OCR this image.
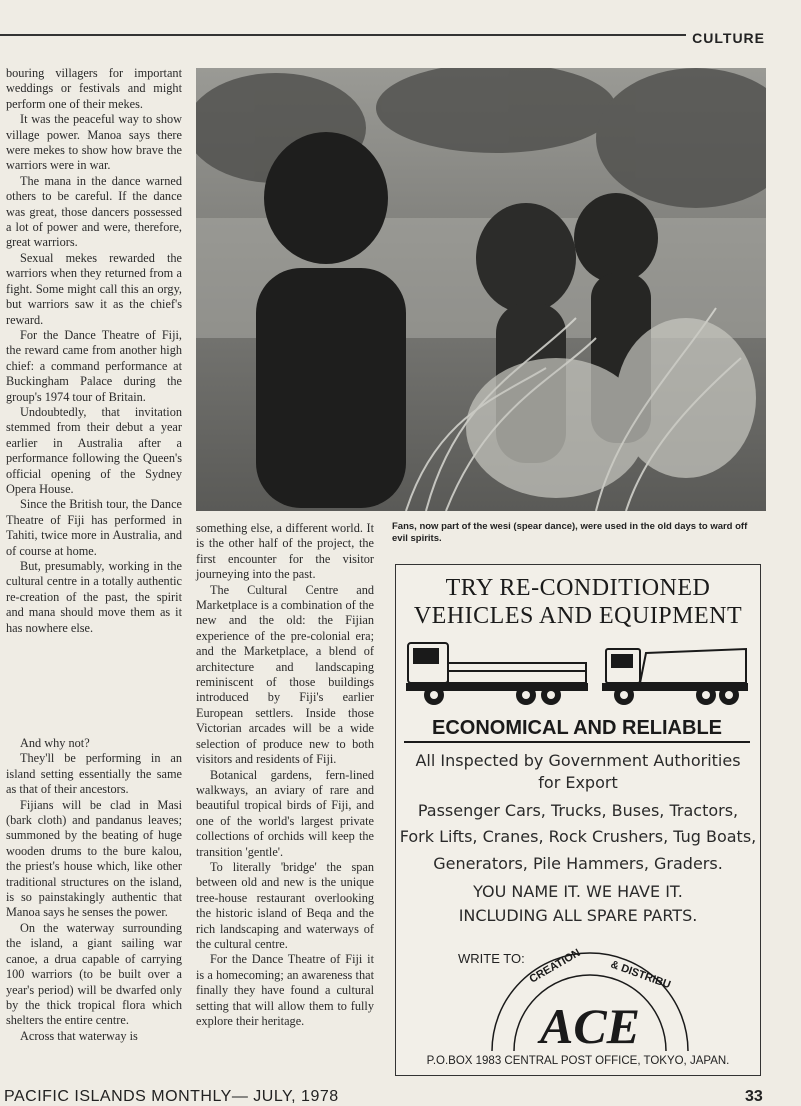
CULTURE

bouring villagers for important weddings or festivals and might perform one of their mekes.

It was the peaceful way to show village power. Manoa says there were mekes to show how brave the warriors were in war.

The mana in the dance warned others to be careful. If the dance was great, those dancers possessed a lot of power and were, therefore, great warriors.

Sexual mekes rewarded the warriors when they returned from a fight. Some might call this an orgy, but warriors saw it as the chief's reward.

For the Dance Theatre of Fiji, the reward came from another high chief: a command performance at Buckingham Palace during the group's 1974 tour of Britain.

Undoubtedly, that invitation stemmed from their debut a year earlier in Australia after a performance following the Queen's official opening of the Sydney Opera House.

Since the British tour, the Dance Theatre of Fiji has performed in Tahiti, twice more in Australia, and of course at home.

But, presumably, working in the cultural centre in a totally authentic re-creation of the past, the spirit and mana should move them as it has nowhere else.

And why not?

They'll be performing in an island setting essentially the same as that of their ancestors.

Fijians will be clad in Masi (bark cloth) and pandanus leaves; summoned by the beating of huge wooden drums to the bure kalou, the priest's house which, like other traditional structures on the island, is so painstakingly authentic that Manoa says he senses the power.

On the waterway surrounding the island, a giant sailing war canoe, a drua capable of carrying 100 warriors (to be built over a year's period) will be dwarfed only by the thick tropical flora which shelters the entire centre.

Across that waterway is

Fans, now part of the wesi (spear dance), were used in the old days to ward off evil spirits.

something else, a different world. It is the other half of the project, the first encounter for the visitor journeying into the past.

The Cultural Centre and Marketplace is a combination of the new and the old: the Fijian experience of the pre-colonial era; and the Marketplace, a blend of architecture and landscaping reminiscent of those buildings introduced by Fiji's earlier European settlers. Inside those Victorian arcades will be a wide selection of produce new to both visitors and residents of Fiji.

Botanical gardens, fern-lined walkways, an aviary of rare and beautiful tropical birds of Fiji, and one of the world's largest private collections of orchids will keep the transition 'gentle'.

To literally 'bridge' the span between old and new is the unique tree-house restaurant overlooking the historic island of Beqa and the rich landscaping and waterways of the cultural centre.

For the Dance Theatre of Fiji it is a homecoming; an awareness that finally they have found a cultural setting that will allow them to fully explore their heritage.

TRY RE-CONDITIONED
VEHICLES AND EQUIPMENT
ECONOMICAL AND RELIABLE
All Inspected by Government Authorities
for Export
Passenger Cars, Trucks, Buses, Tractors,
Fork Lifts, Cranes, Rock Crushers, Tug Boats,
Generators, Pile Hammers, Graders.
YOU NAME IT. WE HAVE IT.
INCLUDING ALL SPARE PARTS.
WRITE TO:
ACE
CREATION & DISTRIBU
P.O.BOX 1983 CENTRAL POST OFFICE, TOKYO, JAPAN.
PACIFIC ISLANDS MONTHLY— JULY, 1978	33
